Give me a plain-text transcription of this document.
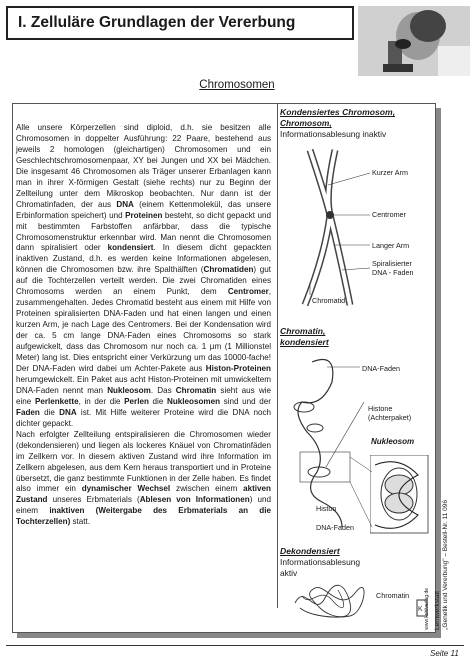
I. Zelluläre Grundlagen der Vererbung
Chromosomen
Alle unsere Körperzellen sind diploid, d.h. sie besitzen alle Chromosomen in doppelter Ausführung: 22 Paare, bestehend aus jeweils 2 homologen (gleichartigen) Chromosomen und ein Geschlechtschromosomenpaar, XY bei Jungen und XX bei Mädchen. Die insgesamt 46 Chromosomen als Träger unserer Erbanlagen kann man in ihrer X-förmigen Gestalt (siehe rechts) nur zu Beginn der Zellteilung unter dem Mikroskop beobachten. Nur dann ist der Chromatinfaden, der aus DNA (einem Kettenmolekül, das unsere Erbinformation speichert) und Proteinen besteht, so dicht gepackt und mit bestimmten Farbstoffen anfärbbar, dass die typische Chromosomenstruktur erkennbar wird. Man nennt die Chromosomen dann spiralisiert oder kondensiert. In diesem dicht gepackten inaktiven Zustand, d.h. es werden keine Informationen abgelesen, können die Chromosomen bzw. ihre Spalthälften (Chromatiden) gut auf die Tochterzellen verteilt werden. Die zwei Chromatiden eines Chromosoms werden an einem Punkt, dem Centromer, zusammengehalten. Jedes Chromatid besteht aus einem mit Hilfe von Proteinen spiralisierten DNA-Faden und hat einen langen und einen kurzen Arm, je nach Lage des Centromers. Bei der Kondensation wird der ca. 5 cm lange DNA-Faden eines Chromosoms so stark aufgewickelt, dass das Chromosom nur noch ca. 1 µm (1 Millionstel Meter) lang ist. Dies entspricht einer Verkürzung um das 10000-fache! Der DNA-Faden wird dabei um Achter-Pakete aus Histon-Proteinen herumgewickelt. Ein Paket aus acht Histon-Proteinen mit umwickeltem DNA-Faden nennt man Nukleosom. Das Chromatin sieht aus wie eine Perlenkette, in der die Perlen die Nukleosomen sind und der Faden die DNA ist. Mit Hilfe weiterer Proteine wird die DNA noch dichter gepackt.
Nach erfolgter Zellteilung entspiralisieren die Chromosomen wieder (dekondensieren) und liegen als lockeres Knäuel von Chromatinfäden im Zellkern vor. In diesem aktiven Zustand wird ihre Information im Zellkern abgelesen, aus dem Kern heraus transportiert und in Proteine übersetzt, die ganz bestimmte Funktionen in der Zelle haben. Es findet also immer ein dynamischer Wechsel zwischen einem aktiven Zustand unseres Erbmaterials (Ablesen von Informationen) und einem inaktiven (Weitergabe des Erbmaterials an die Tochterzellen) statt.
Kondensiertes Chromosom,
Chromosom,
Informationsablesung inaktiv
Kurzer Arm
Centromer
Langer Arm
Spiralisierter
DNA - Faden
Chromatid
Chromatin,
kondensiert
DNA-Faden
Histone
(Achterpaket)
Nukleosom
Histon
DNA-Faden
Dekondensiert
Informationsablesung
aktiv
Chromatin	Lernwerkstatt „Genetik und Vererbung" – Bestell-Nr. 11 096
www.kohlverlag.de
K
Seite 11
